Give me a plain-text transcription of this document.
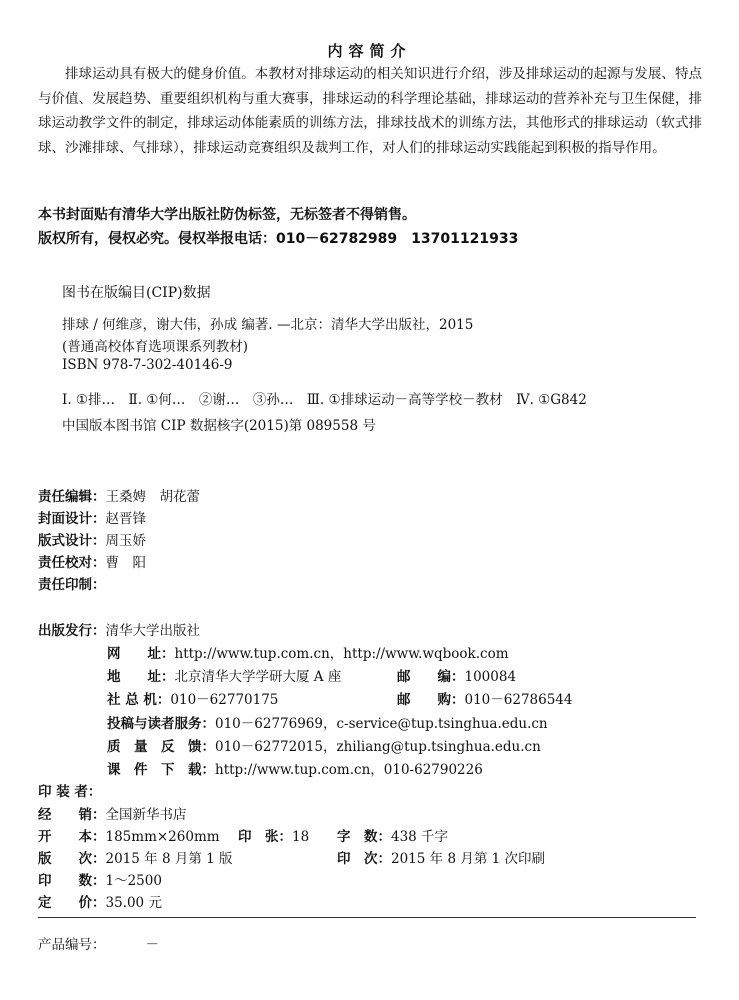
内容简介

排球运动具有极大的健身价值。本教材对排球运动的相关知识进行介绍，涉及排球运动的起源与发展、特点与价值、发展趋势、重要组织机构与重大赛事，排球运动的科学理论基础，排球运动的营养补充与卫生保健，排球运动教学文件的制定，排球运动体能素质的训练方法，排球技战术的训练方法，其他形式的排球运动（软式排球、沙滩排球、气排球），排球运动竞赛组织及裁判工作，对人们的排球运动实践能起到积极的指导作用。

本书封面贴有清华大学出版社防伪标签，无标签者不得销售。
版权所有，侵权必究。侵权举报电话：010－62782989　13701121933
图书在版编目(CIP)数据
排球 / 何维彦，谢大伟，孙成 编著. —北京：清华大学出版社，2015
(普通高校体育选项课系列教材)
ISBN 978-7-302-40146-9
Ⅰ. ①排…　Ⅱ. ①何…　②谢…　③孙…　Ⅲ. ①排球运动－高等学校－教材　Ⅳ. ①G842
中国版本图书馆 CIP 数据核字(2015)第 089558 号
责任编辑：王桑娉　胡花蕾
封面设计：赵晋锋
版式设计：周玉娇
责任校对：曹　阳
责任印制：
出版发行：清华大学出版社
网　　址：http://www.tup.com.cn，http://www.wqbook.com
地　　址：北京清华大学学研大厦 A 座	邮　　编：100084
社 总 机：010－62770175	邮　　购：010－62786544
投稿与读者服务：010－62776969，c-service@tup.tsinghua.edu.cn
质　量　反　馈：010－62772015，zhiliang@tup.tsinghua.edu.cn
课　件　下　载：http://www.tup.com.cn，010-62790226
印 装 者：
经　　销：全国新华书店
开　　本：185mm×260mm 印　张：18 字　数：438 千字
版　　次：2015 年 8 月第 1 版	印　次：2015 年 8 月第 1 次印刷
印　　数：1～2500
定　　价：35.00 元
产品编号：	－
